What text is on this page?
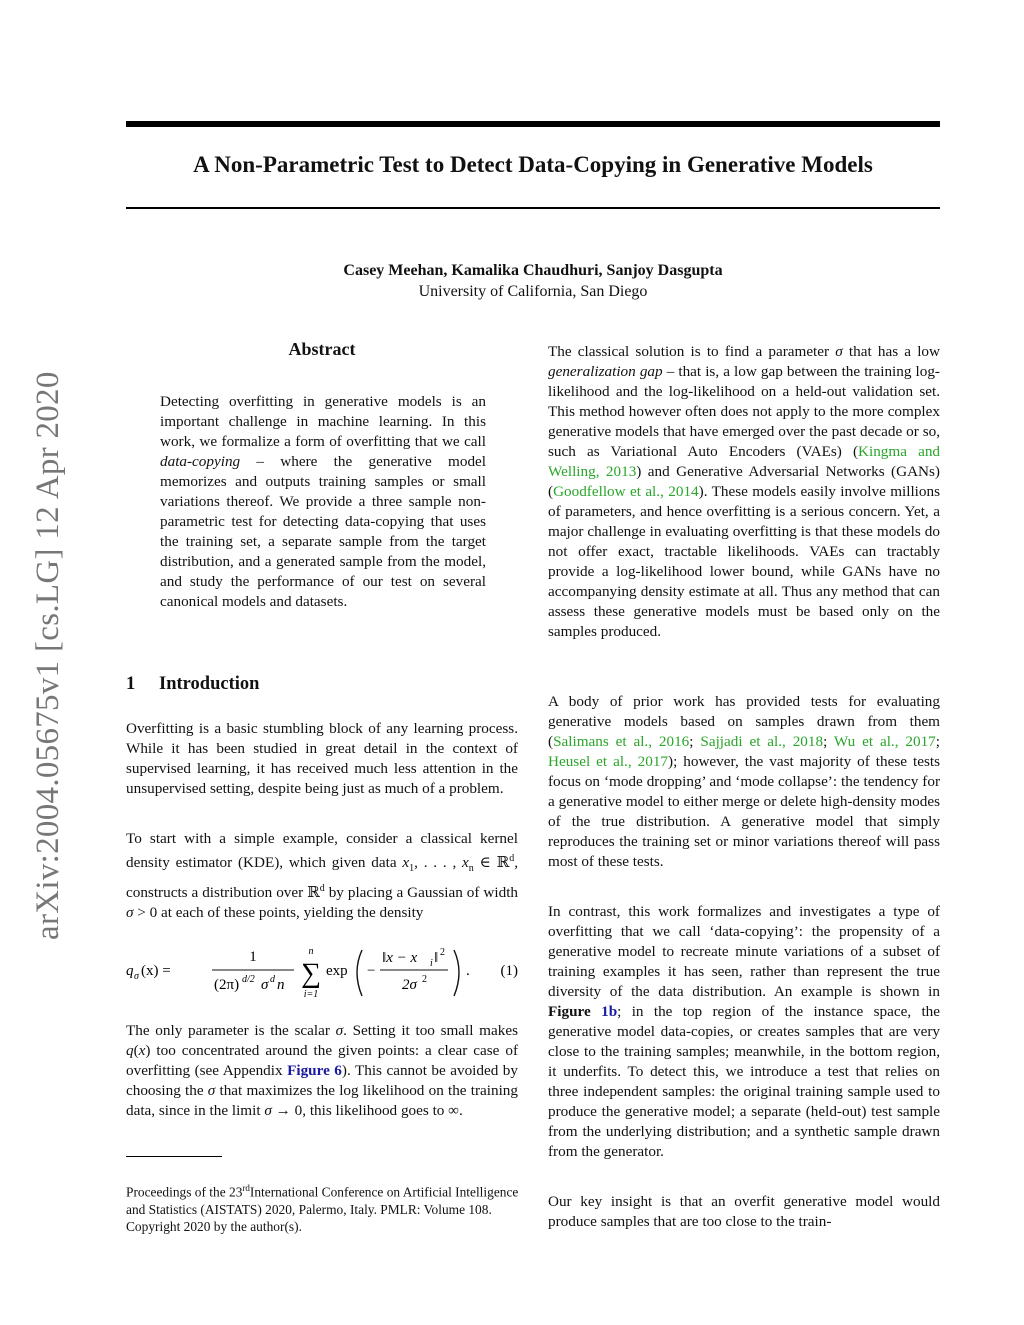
A Non-Parametric Test to Detect Data-Copying in Generative Models
Casey Meehan, Kamalika Chaudhuri, Sanjoy Dasgupta
University of California, San Diego
arXiv:2004.05675v1 [cs.LG] 12 Apr 2020
Abstract

Detecting overfitting in generative models is an important challenge in machine learning. In this work, we formalize a form of overfitting that we call data-copying – where the generative model memorizes and outputs training samples or small variations thereof. We provide a three sample non-parametric test for detecting data-copying that uses the training set, a separate sample from the target distribution, and a generated sample from the model, and study the performance of our test on several canonical models and datasets.

1 Introduction

Overfitting is a basic stumbling block of any learning process. While it has been studied in great detail in the context of supervised learning, it has received much less attention in the unsupervised setting, despite being just as much of a problem.

To start with a simple example, consider a classical kernel density estimator (KDE), which given data $x_1$, . . . , $x_n$ ∈ ℝ$^d$, constructs a distribution over ℝ$^d$ by placing a Gaussian of width σ > 0 at each of these points, yielding the density

q σ (x) =
1
(2π) d/2 σ d n
n
∑
i=1
exp −
‖x − x i ‖ 2
2σ 2
. (1)

The only parameter is the scalar σ. Setting it too small makes q(x) too concentrated around the given points: a clear case of overfitting (see Appendix Figure 6). This cannot be avoided by choosing the σ that maximizes the log likelihood on the training data, since in the limit σ → 0, this likelihood goes to ∞.

Proceedings of the 23rdInternational Conference on Artificial Intelligence and Statistics (AISTATS) 2020, Palermo, Italy. PMLR: Volume 108. Copyright 2020 by the author(s).

The classical solution is to find a parameter σ that has a low generalization gap – that is, a low gap between the training log-likelihood and the log-likelihood on a held-out validation set. This method however often does not apply to the more complex generative models that have emerged over the past decade or so, such as Variational Auto Encoders (VAEs) (Kingma and Welling, 2013) and Generative Adversarial Networks (GANs) (Goodfellow et al., 2014). These models easily involve millions of parameters, and hence overfitting is a serious concern. Yet, a major challenge in evaluating overfitting is that these models do not offer exact, tractable likelihoods. VAEs can tractably provide a log-likelihood lower bound, while GANs have no accompanying density estimate at all. Thus any method that can assess these generative models must be based only on the samples produced.

A body of prior work has provided tests for evaluating generative models based on samples drawn from them (Salimans et al., 2016; Sajjadi et al., 2018; Wu et al., 2017; Heusel et al., 2017); however, the vast majority of these tests focus on ‘mode dropping’ and ‘mode collapse’: the tendency for a generative model to either merge or delete high-density modes of the true distribution. A generative model that simply reproduces the training set or minor variations thereof will pass most of these tests.

In contrast, this work formalizes and investigates a type of overfitting that we call ‘data-copying’: the propensity of a generative model to recreate minute variations of a subset of training examples it has seen, rather than represent the true diversity of the data distribution. An example is shown in Figure 1b; in the top region of the instance space, the generative model data-copies, or creates samples that are very close to the training samples; meanwhile, in the bottom region, it underfits. To detect this, we introduce a test that relies on three independent samples: the original training sample used to produce the generative model; a separate (held-out) test sample from the underlying distribution; and a synthetic sample drawn from the generator.

Our key insight is that an overfit generative model would produce samples that are too close to the train-
